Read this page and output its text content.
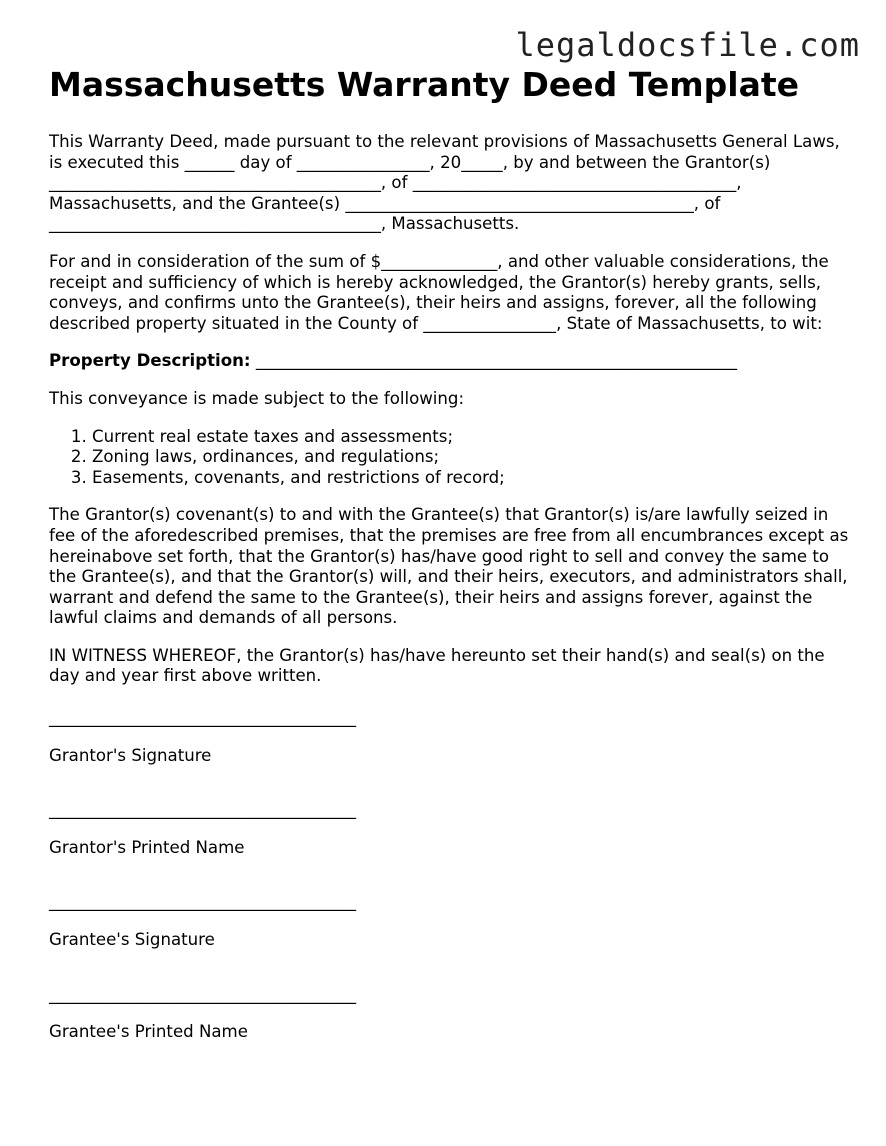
legaldocsfile.com
Massachusetts Warranty Deed Template

This Warranty Deed, made pursuant to the relevant provisions of Massachusetts General Laws, is executed this ______ day of ________________, 20_____, by and between the Grantor(s) ________________________________________, of _______________________________________, Massachusetts, and the Grantee(s) __________________________________________, of ________________________________________, Massachusetts.

For and in consideration of the sum of $______________, and other valuable considerations, the receipt and sufficiency of which is hereby acknowledged, the Grantor(s) hereby grants, sells, conveys, and confirms unto the Grantee(s), their heirs and assigns, forever, all the following described property situated in the County of ________________, State of Massachusetts, to wit:

Property Description: __________________________________________________________

This conveyance is made subject to the following:

1. Current real estate taxes and assessments;
2. Zoning laws, ordinances, and regulations;
3. Easements, covenants, and restrictions of record;

The Grantor(s) covenant(s) to and with the Grantee(s) that Grantor(s) is/are lawfully seized in fee of the aforedescribed premises, that the premises are free from all encumbrances except as hereinabove set forth, that the Grantor(s) has/have good right to sell and convey the same to the Grantee(s), and that the Grantor(s) will, and their heirs, executors, and administrators shall, warrant and defend the same to the Grantee(s), their heirs and assigns forever, against the lawful claims and demands of all persons.

IN WITNESS WHEREOF, the Grantor(s) has/have hereunto set their hand(s) and seal(s) on the day and year first above written.

_____________________________________
Grantor's Signature
_____________________________________
Grantor's Printed Name
_____________________________________
Grantee's Signature
_____________________________________
Grantee's Printed Name
